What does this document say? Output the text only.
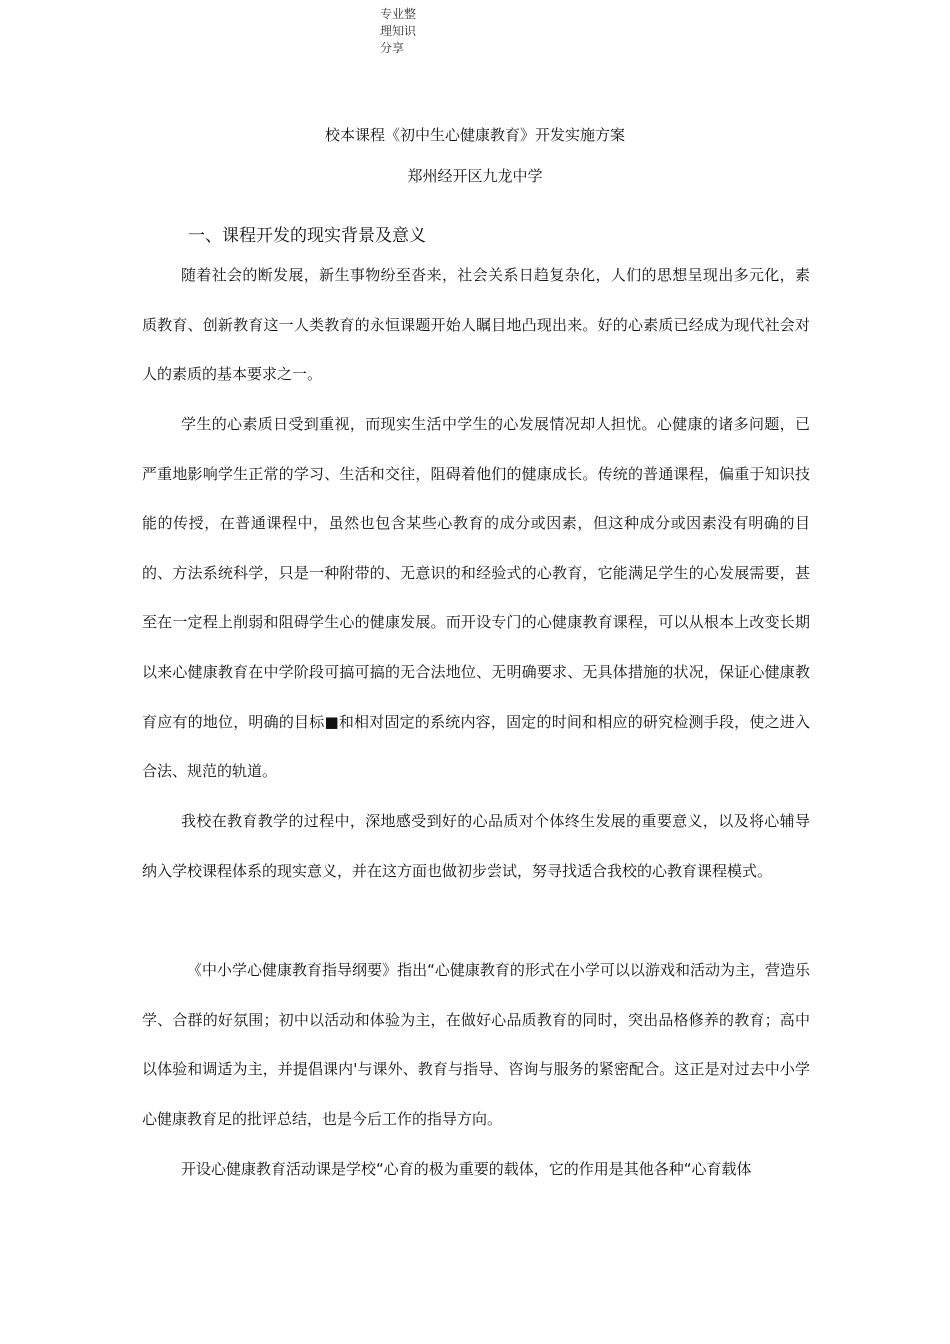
专业整理知识分享
校本课程《初中生心健康教育》开发实施方案
郑州经开区九龙中学
一、课程开发的现实背景及意义

随着社会的断发展，新生事物纷至沓来，社会关系日趋复杂化，人们的思想呈现出多元化，素质教育、创新教育这一人类教育的永恒课题开始人瞩目地凸现出来。好的心素质已经成为现代社会对人的素质的基本要求之一。

学生的心素质日受到重视，而现实生活中学生的心发展情况却人担忧。心健康的诸多问题，已严重地影响学生正常的学习、生活和交往，阻碍着他们的健康成长。传统的普通课程，偏重于知识技能的传授，在普通课程中，虽然也包含某些心教育的成分或因素，但这种成分或因素没有明确的目的、方法系统科学，只是一种附带的、无意识的和经验式的心教育，它能满足学生的心发展需要，甚至在一定程上削弱和阻碍学生心的健康发展。而开设专门的心健康教育课程，可以从根本上改变长期以来心健康教育在中学阶段可搞可搞的无合法地位、无明确要求、无具体措施的状况，保证心健康教育应有的地位，明确的目标■和相对固定的系统内容，固定的时间和相应的研究检测手段，使之进入合法、规范的轨道。

我校在教育教学的过程中，深地感受到好的心品质对个体终生发展的重要意义，以及将心辅导纳入学校课程体系的现实意义，并在这方面也做初步尝试，努寻找适合我校的心教育课程模式。

《中小学心健康教育指导纲要》指出“心健康教育的形式在小学可以以游戏和活动为主，营造乐学、合群的好氛围；初中以活动和体验为主，在做好心品质教育的同时，突出品格修养的教育；高中以体验和调适为主，并提倡课内'与课外、教育与指导、咨询与服务的紧密配合。这正是对过去中小学心健康教育足的批评总结，也是今后工作的指导方向。

开设心健康教育活动课是学校“心育的极为重要的载体，它的作用是其他各种“心育载体
